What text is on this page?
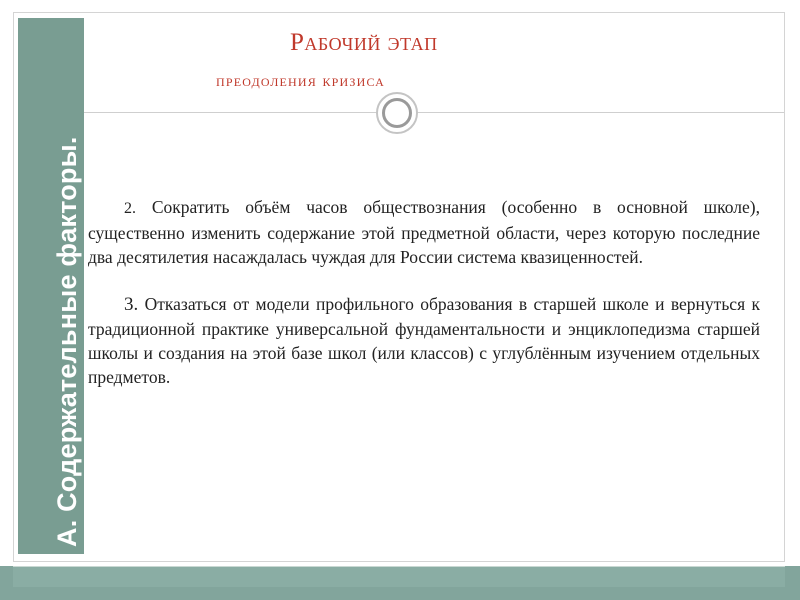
А. Содержательные факторы.
Рабочий этап
преодоления кризиса

2. Сократить объём часов обществознания (особенно в основной школе), существенно изменить содержание этой предметной области, через которую последние два десятилетия насаждалась чуждая для России система квазиценностей.

3. Отказаться от модели профильного образования в старшей школе и вернуться к традиционной практике универсальной фундаментальности и энциклопедизма старшей школы и создания на этой базе школ (или классов) с углублённым изучением отдельных предметов.
